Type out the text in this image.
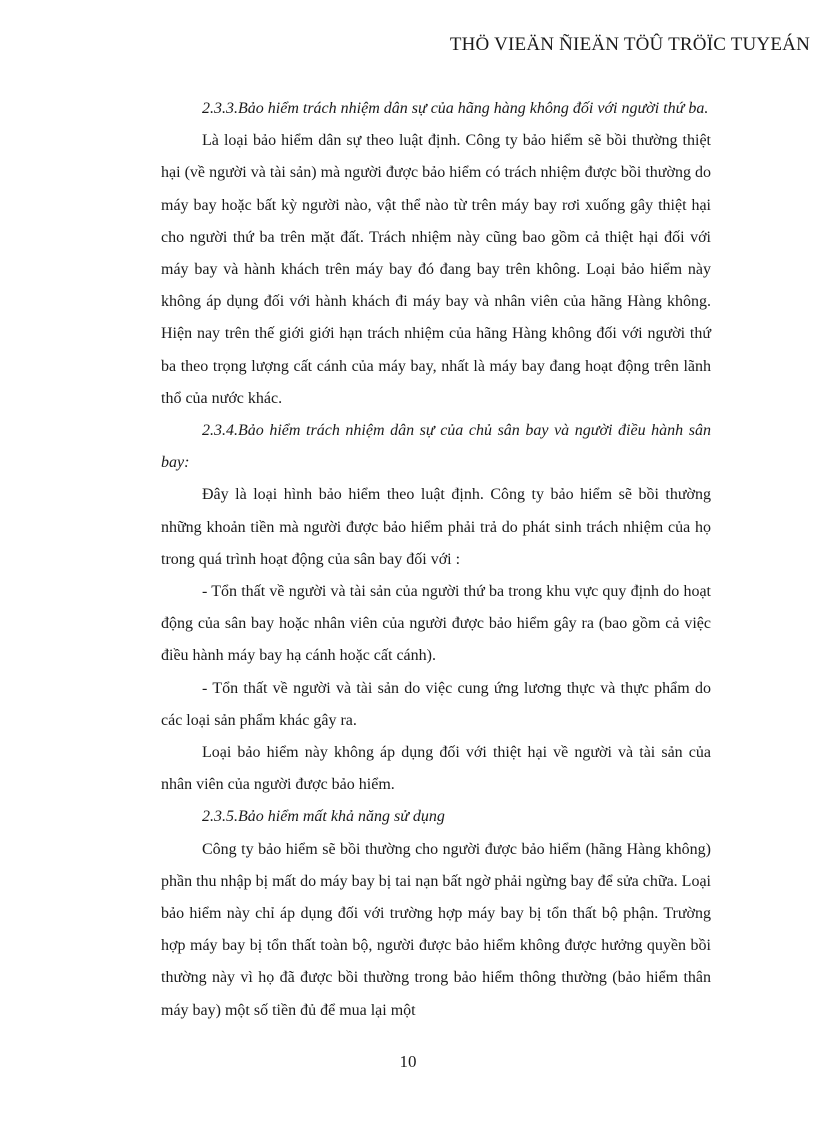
THÖ VIEÄN ÑIEÄN TÖÛ TRÖÏC TUYEÁN

2.3.3.Bảo hiểm trách nhiệm dân sự của hãng hàng không đối với người thứ ba.

Là loại bảo hiểm dân sự theo luật định. Công ty bảo hiểm sẽ bồi thường thiệt hại (về người và tài sản) mà người được bảo hiểm có trách nhiệm được bồi thường do máy bay hoặc bất kỳ người nào, vật thể nào từ trên máy bay rơi xuống gây thiệt hại cho người thứ ba trên mặt đất. Trách nhiệm này cũng bao gồm cả thiệt hại đối với máy bay và hành khách trên máy bay đó đang bay trên không. Loại bảo hiểm này không áp dụng đối với hành khách đi máy bay và nhân viên của hãng Hàng không. Hiện nay trên thế giới giới hạn trách nhiệm của hãng Hàng không đối với người thứ ba theo trọng lượng cất cánh của máy bay, nhất là máy bay đang hoạt động trên lãnh thổ của nước khác.

2.3.4.Bảo hiểm trách nhiệm dân sự của chủ sân bay và người điều hành sân bay:

Đây là loại hình bảo hiểm theo luật định. Công ty bảo hiểm sẽ bồi thường những khoản tiền mà người được bảo hiểm phải trả do phát sinh trách nhiệm của họ trong quá trình hoạt động của sân bay đối với :

- Tổn thất về người và tài sản của người thứ ba trong khu vực quy định do hoạt động của sân bay hoặc nhân viên của người được bảo hiểm gây ra (bao gồm cả việc điều hành máy bay hạ cánh hoặc cất cánh).

- Tổn thất về người và tài sản do việc cung ứng lương thực và thực phẩm do các loại sản phẩm khác gây ra.

Loại bảo hiểm này không áp dụng đối với thiệt hại về người và tài sản của nhân viên của người được bảo hiểm.

2.3.5.Bảo hiểm mất khả năng sử dụng

Công ty bảo hiểm sẽ bồi thường cho người được bảo hiểm (hãng Hàng không) phần thu nhập bị mất do máy bay bị tai nạn bất ngờ phải ngừng bay để sửa chữa. Loại bảo hiểm này chỉ áp dụng đối với trường hợp máy bay bị tổn thất bộ phận. Trường hợp máy bay bị tổn thất toàn bộ, người được bảo hiểm không được hưởng quyền bồi thường này vì họ đã được bồi thường trong bảo hiểm thông thường (bảo hiểm thân máy bay) một số tiền đủ để mua lại một

10
